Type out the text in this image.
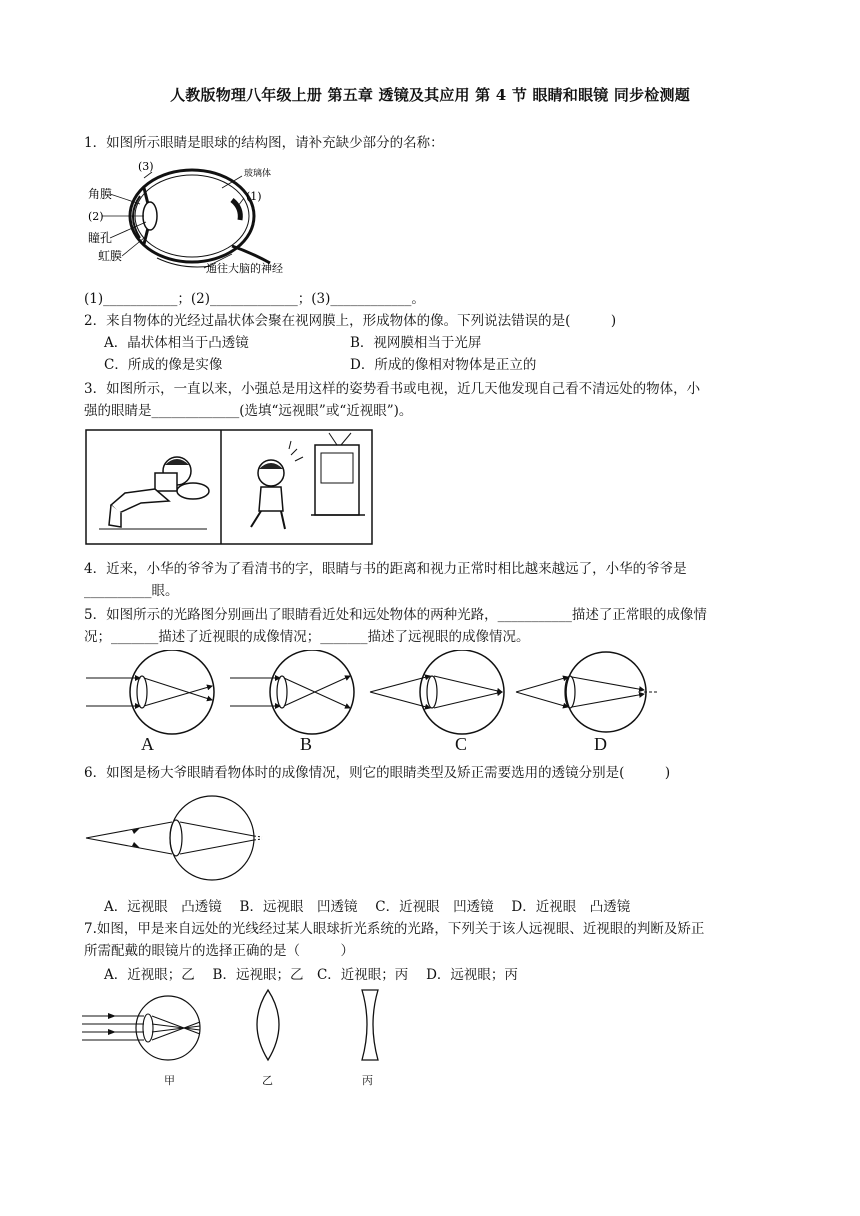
人教版物理八年级上册 第五章 透镜及其应用 第 4 节 眼睛和眼镜 同步检测题
1．如图所示眼睛是眼球的结构图，请补充缺少部分的名称：
(3)
角膜
(2)
瞳孔
虹膜
玻璃体
(1)
通往大脑的神经
(1)___________；(2)_____________；(3)____________。
2．来自物体的光经过晶状体会聚在视网膜上，形成物体的像。下列说法错误的是(　　　)
A．晶状体相当于凸透镜	B．视网膜相当于光屏
C．所成的像是实像	D．所成的像相对物体是正立的
3．如图所示，一直以来，小强总是用这样的姿势看书或电视，近几天他发现自己看不清远处的物体，小
强的眼睛是_____________(选填“远视眼”或“近视眼”)。
4．近来，小华的爷爷为了看清书的字，眼睛与书的距离和视力正常时相比越来越远了，小华的爷爷是
__________眼。
5．如图所示的光路图分别画出了眼睛看近处和远处物体的两种光路，___________描述了正常眼的成像情
况；_______描述了近视眼的成像情况；_______描述了远视眼的成像情况。
A	B	C	D
6．如图是杨大爷眼睛看物体时的成像情况，则它的眼睛类型及矫正需要选用的透镜分别是(　　　)
A．远视眼　凸透镜　 B．远视眼　凹透镜　 C．近视眼　凹透镜　 D．近视眼　凸透镜
7.如图，甲是来自远处的光线经过某人眼球折光系统的光路，下列关于该人远视眼、近视眼的判断及矫正
所需配戴的眼镜片的选择正确的是（　　　）
A．近视眼；乙　 B．远视眼；乙　C．近视眼；丙　 D．远视眼；丙
甲	乙	丙
